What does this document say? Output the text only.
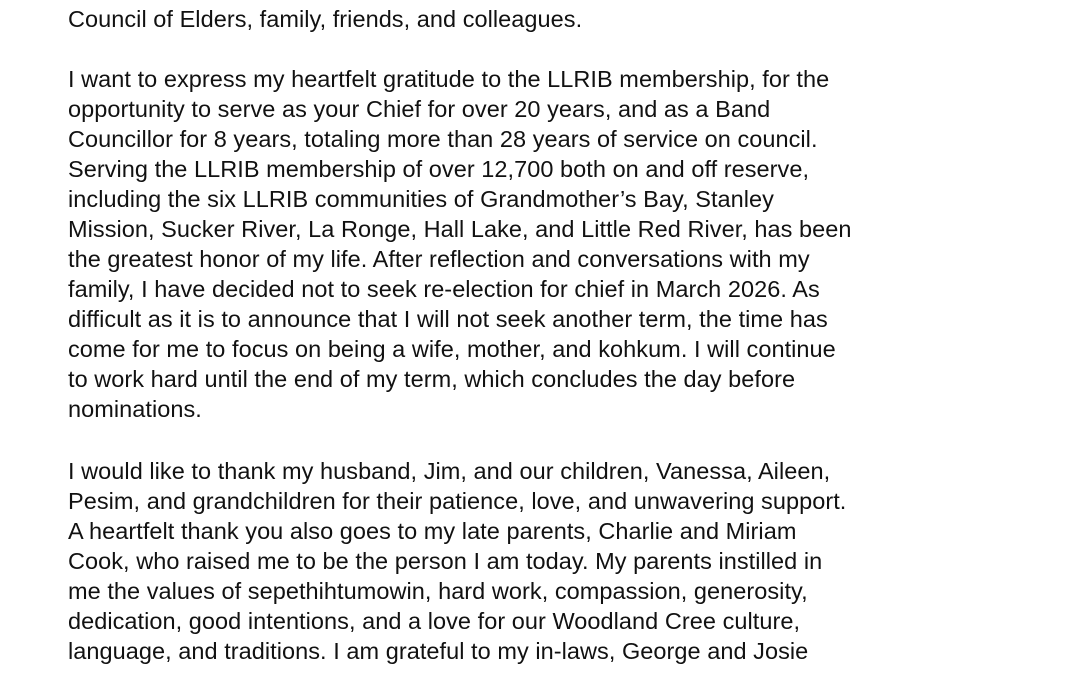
Council of Elders, family, friends, and colleagues.
I want to express my heartfelt gratitude to the LLRIB membership, for the
opportunity to serve as your Chief for over 20 years, and as a Band
Councillor for 8 years, totaling more than 28 years of service on council.
Serving the LLRIB membership of over 12,700 both on and off reserve,
including the six LLRIB communities of Grandmother’s Bay, Stanley
Mission, Sucker River, La Ronge, Hall Lake, and Little Red River, has been
the greatest honor of my life. After reflection and conversations with my
family, I have decided not to seek re-election for chief in March 2026. As
difficult as it is to announce that I will not seek another term, the time has
come for me to focus on being a wife, mother, and kohkum. I will continue
to work hard until the end of my term, which concludes the day before
nominations.
I would like to thank my husband, Jim, and our children, Vanessa, Aileen,
Pesim, and grandchildren for their patience, love, and unwavering support.
A heartfelt thank you also goes to my late parents, Charlie and Miriam
Cook, who raised me to be the person I am today. My parents instilled in
me the values of sepethihtumowin, hard work, compassion, generosity,
dedication, good intentions, and a love for our Woodland Cree culture,
language, and traditions. I am grateful to my in-laws, George and Josie
